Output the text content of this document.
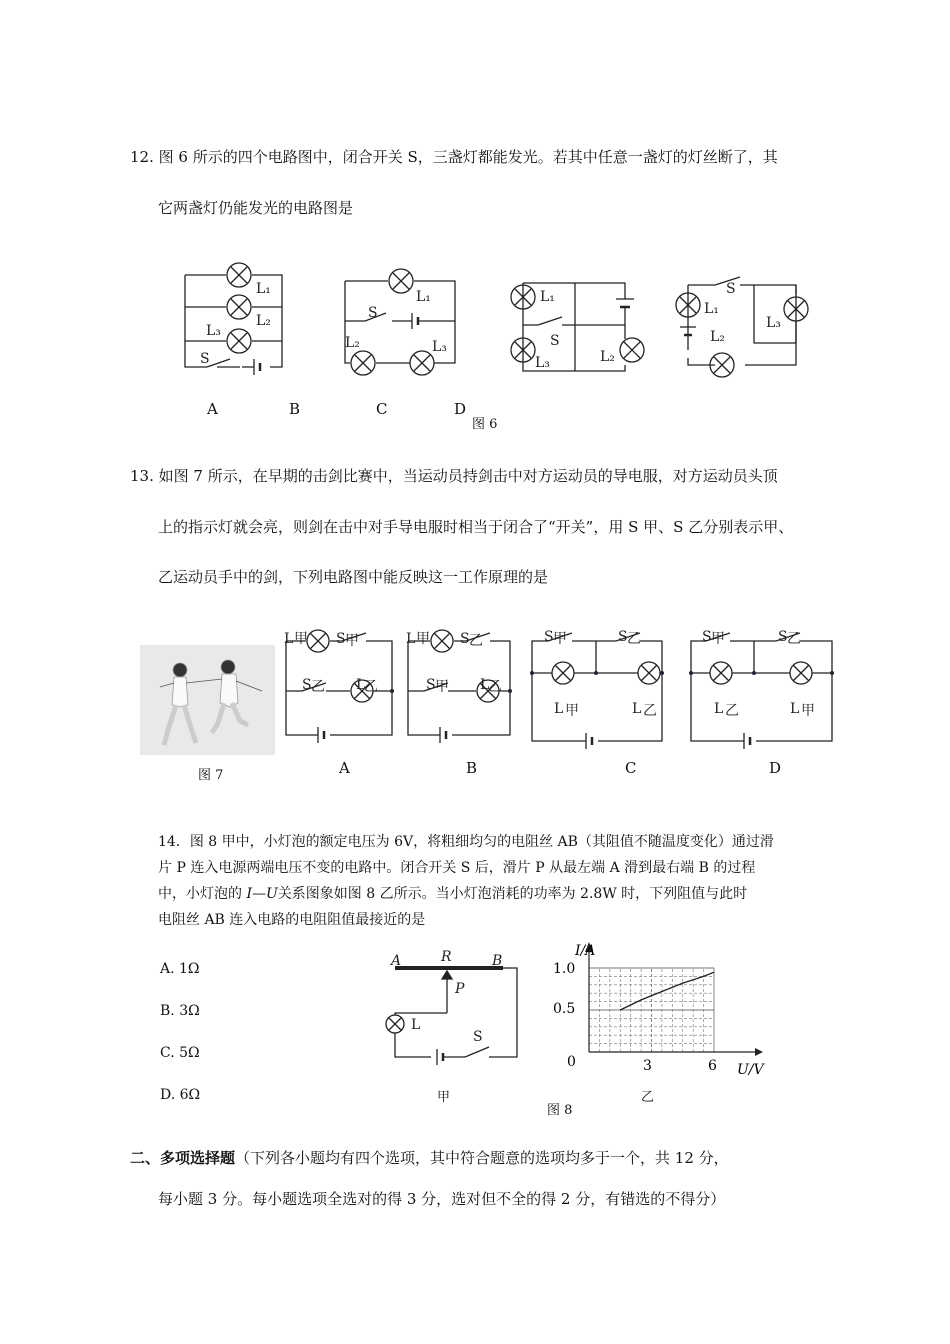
12. 图 6 所示的四个电路图中，闭合开关 S，三盏灯都能发光。若其中任意一盏灯的灯丝断了，其
它两盏灯仍能发光的电路图是
L₁
L₂
L₃
S
L₁
S
L₂	L₃
L₁
S
L₃	L₂
S
L₁
L₂
L₃
A	B	C	D
图 6
13. 如图 7 所示，在早期的击剑比赛中，当运动员持剑击中对方运动员的导电服，对方运动员头顶
上的指示灯就会亮，则剑在击中对手导电服时相当于闭合了“开关”，用 S 甲、S 乙分别表示甲、
乙运动员手中的剑，下列电路图中能反映这一工作原理的是
图 7
L 甲 S 甲
S 乙 L
乙
L 甲 S 乙
S 甲 L
乙
S 甲	S 乙
L 甲	L 乙
S 甲	S 乙
L 乙	L 甲
A	B	C	D
14．图 8 甲中，小灯泡的额定电压为 6V，将粗细均匀的电阻丝 AB（其阻值不随温度变化）通过滑
片 P 连入电源两端电压不变的电路中。闭合开关 S 后，滑片 P 从最左端 A 滑到最右端 B 的过程
中，小灯泡的 I—U关系图象如图 8 乙所示。当小灯泡消耗的功率为 2.8W 时，下列阻值与此时
电阻丝 AB 连入电路的电阻阻值最接近的是
A. 1Ω
B. 3Ω
C. 5Ω
D. 6Ω
A	R	B
P
L
S
甲
I/A
1.0
0.5
0	3	6 U/V
乙
图 8
二、多项选择题（下列各小题均有四个选项，其中符合题意的选项均多于一个，共 12 分，
每小题 3 分。每小题选项全选对的得 3 分，选对但不全的得 2 分，有错选的不得分）
